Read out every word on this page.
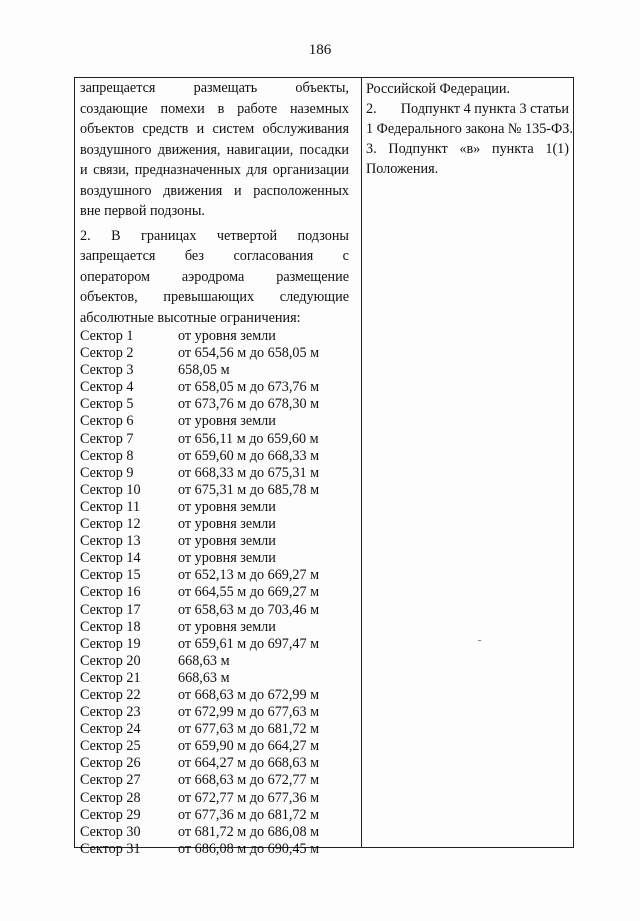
186
запрещается	размещать	объекты,
создающие помехи в работе наземных
объектов средств и систем обслуживания
воздушного движения, навигации, посадки
и связи, предназначенных для организации
воздушного движения и расположенных
вне первой подзоны.
2. В границах четвертой подзоны
запрещается без согласования с
оператором аэродрома размещение
объектов, превышающих следующие
абсолютные высотные ограничения:
Сектор 1	от уровня земли
Сектор 2	от 654,56 м до 658,05 м
Сектор 3	658,05 м
Сектор 4	от 658,05 м до 673,76 м
Сектор 5	от 673,76 м до 678,30 м
Сектор 6	от уровня земли
Сектор 7	от 656,11 м до 659,60 м
Сектор 8	от 659,60 м до 668,33 м
Сектор 9	от 668,33 м до 675,31 м
Сектор 10	от 675,31 м до 685,78 м
Сектор 11	от уровня земли
Сектор 12	от уровня земли
Сектор 13	от уровня земли
Сектор 14	от уровня земли
Сектор 15	от 652,13 м до 669,27 м
Сектор 16	от 664,55 м до 669,27 м
Сектор 17	от 658,63 м до 703,46 м
Сектор 18	от уровня земли
Сектор 19	от 659,61 м до 697,47 м
Сектор 20	668,63 м
Сектор 21	668,63 м
Сектор 22	от 668,63 м до 672,99 м
Сектор 23	от 672,99 м до 677,63 м
Сектор 24	от 677,63 м до 681,72 м
Сектор 25	от 659,90 м до 664,27 м
Сектор 26	от 664,27 м до 668,63 м
Сектор 27	от 668,63 м до 672,77 м
Сектор 28	от 672,77 м до 677,36 м
Сектор 29	от 677,36 м до 681,72 м
Сектор 30	от 681,72 м до 686,08 м
Сектор 31	от 686,08 м до 690,45 м
Российской Федерации.
2. Подпункт 4 пункта 3 статьи
1 Федерального закона № 135-ФЗ.
3. Подпункт «в» пункта 1(1)
Положения.
